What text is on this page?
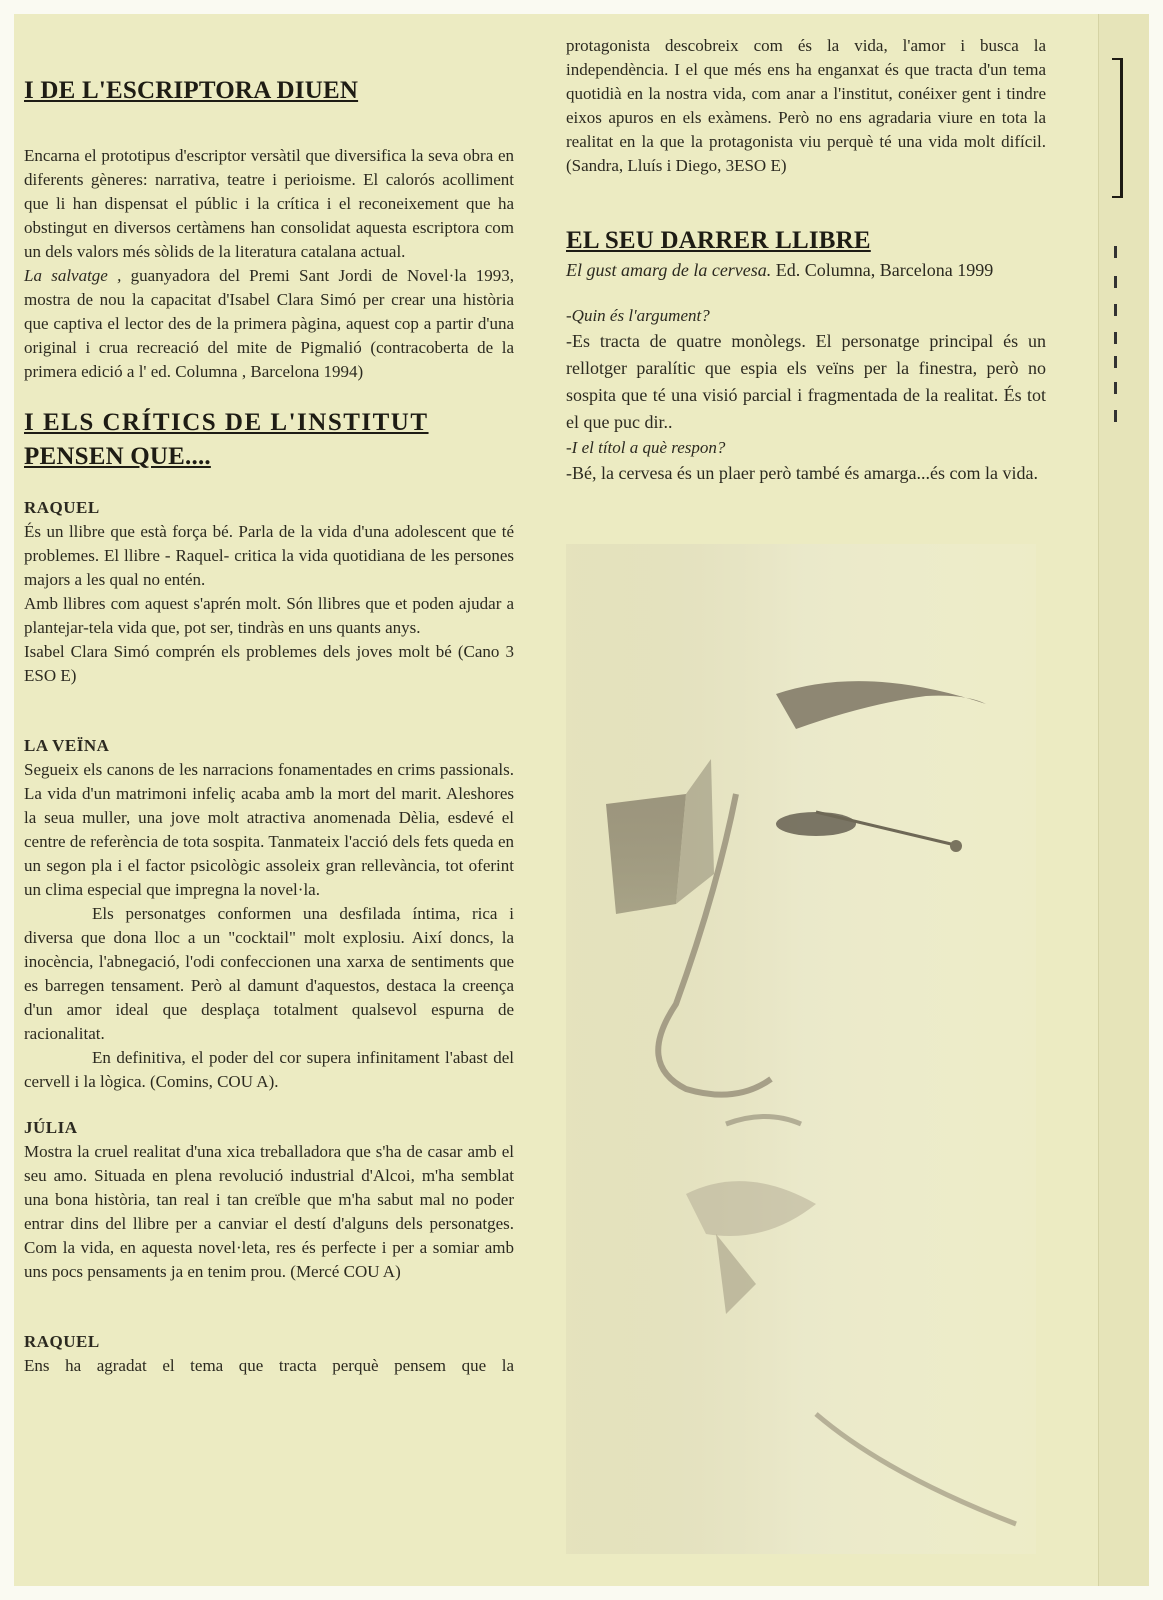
I DE L'ESCRIPTORA DIUEN

Encarna el prototipus d'escriptor versàtil que diversifica la seva obra en diferents gèneres: narrativa, teatre i perioisme. El calorós acolliment que li han dispensat el públic i la crítica i el reconeixement que ha obstingut en diversos certàmens han consolidat aquesta escriptora com un dels valors més sòlids de la literatura catalana actual.

La salvatge , guanyadora del Premi Sant Jordi de Novel·la 1993, mostra de nou la capacitat d'Isabel Clara Simó per crear una història que captiva el lector des de la primera pàgina, aquest cop a partir d'una original i crua recreació del mite de Pigmalió (contracoberta de la primera edició a l' ed. Columna , Barcelona 1994)

I ELS CRÍTICS DE L'INSTITUT
PENSEN QUE....

RAQUEL

És un llibre que està força bé. Parla de la vida d'una adolescent que té problemes. El llibre - Raquel- critica la vida quotidiana de les persones majors a les qual no entén.

Amb llibres com aquest s'aprén molt. Són llibres que et poden ajudar a plantejar-tela vida que, pot ser, tindràs en uns quants anys.

Isabel Clara Simó comprén els problemes dels joves molt bé (Cano 3 ESO E)

LA VEÏNA

Segueix els canons de les narracions fonamentades en crims passionals. La vida d'un matrimoni infeliç acaba amb la mort del marit. Aleshores la seua muller, una jove molt atractiva anomenada Dèlia, esdevé el centre de referència de tota sospita. Tanmateix l'acció dels fets queda en un segon pla i el factor psicològic assoleix gran rellevància, tot oferint un clima especial que impregna la novel·la.

Els personatges conformen una desfilada íntima, rica i diversa que dona lloc a un "cocktail" molt explosiu. Així doncs, la inocència, l'abnegació, l'odi confeccionen una xarxa de sentiments que es barregen tensament. Però al damunt d'aquestos, destaca la creença d'un amor ideal que desplaça totalment qualsevol espurna de racionalitat.

En definitiva, el poder del cor supera infinitament l'abast del cervell i la lògica. (Comins, COU A).

JÚLIA

Mostra la cruel realitat d'una xica treballadora que s'ha de casar amb el seu amo. Situada en plena revolució industrial d'Alcoi, m'ha semblat una bona història, tan real i tan creïble que m'ha sabut mal no poder entrar dins del llibre per a canviar el destí d'alguns dels personatges. Com la vida, en aquesta novel·leta, res és perfecte i per a somiar amb uns pocs pensaments ja en tenim prou. (Mercé COU A)

RAQUEL

Ens ha agradat el tema que tracta perquè pensem que la

protagonista descobreix com és la vida, l'amor i busca la independència. I el que més ens ha enganxat és que tracta d'un tema quotidià en la nostra vida, com anar a l'institut, conéixer gent i tindre eixos apuros en els exàmens. Però no ens agradaria viure en tota la realitat en la que la protagonista viu perquè té una vida molt difícil. (Sandra, Lluís i Diego, 3ESO E)

EL SEU DARRER LLIBRE

El gust amarg de la cervesa. Ed. Columna, Barcelona 1999

-Quin és l'argument?

-Es tracta de quatre monòlegs. El personatge principal és un rellotger paralític que espia els veïns per la finestra, però no sospita que té una visió parcial i fragmentada de la realitat. És tot el que puc dir..

-I el títol a què respon?

-Bé, la cervesa és un plaer però també és amarga...és com la vida.
